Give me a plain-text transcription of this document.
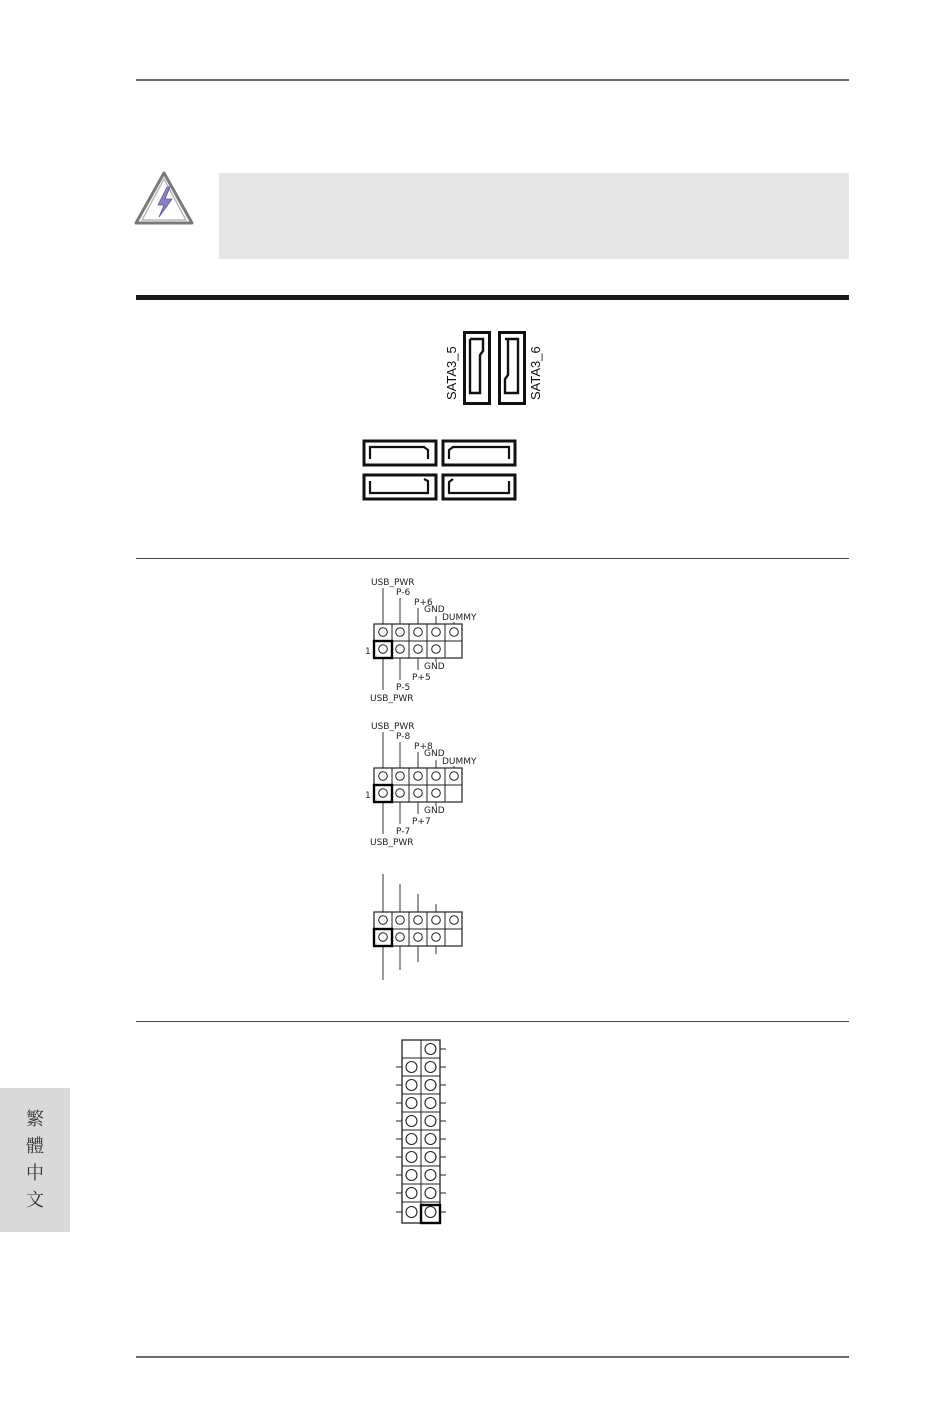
SATA3_5	SATA3_6
USB_PWR
P-6
P+6
GND
DUMMY
GND
P+5
P-5
USB_PWR
1
USB_PWR
P-8
P+8
GND
DUMMY
GND
P+7
P-7
USB_PWR
1
繁體中文
